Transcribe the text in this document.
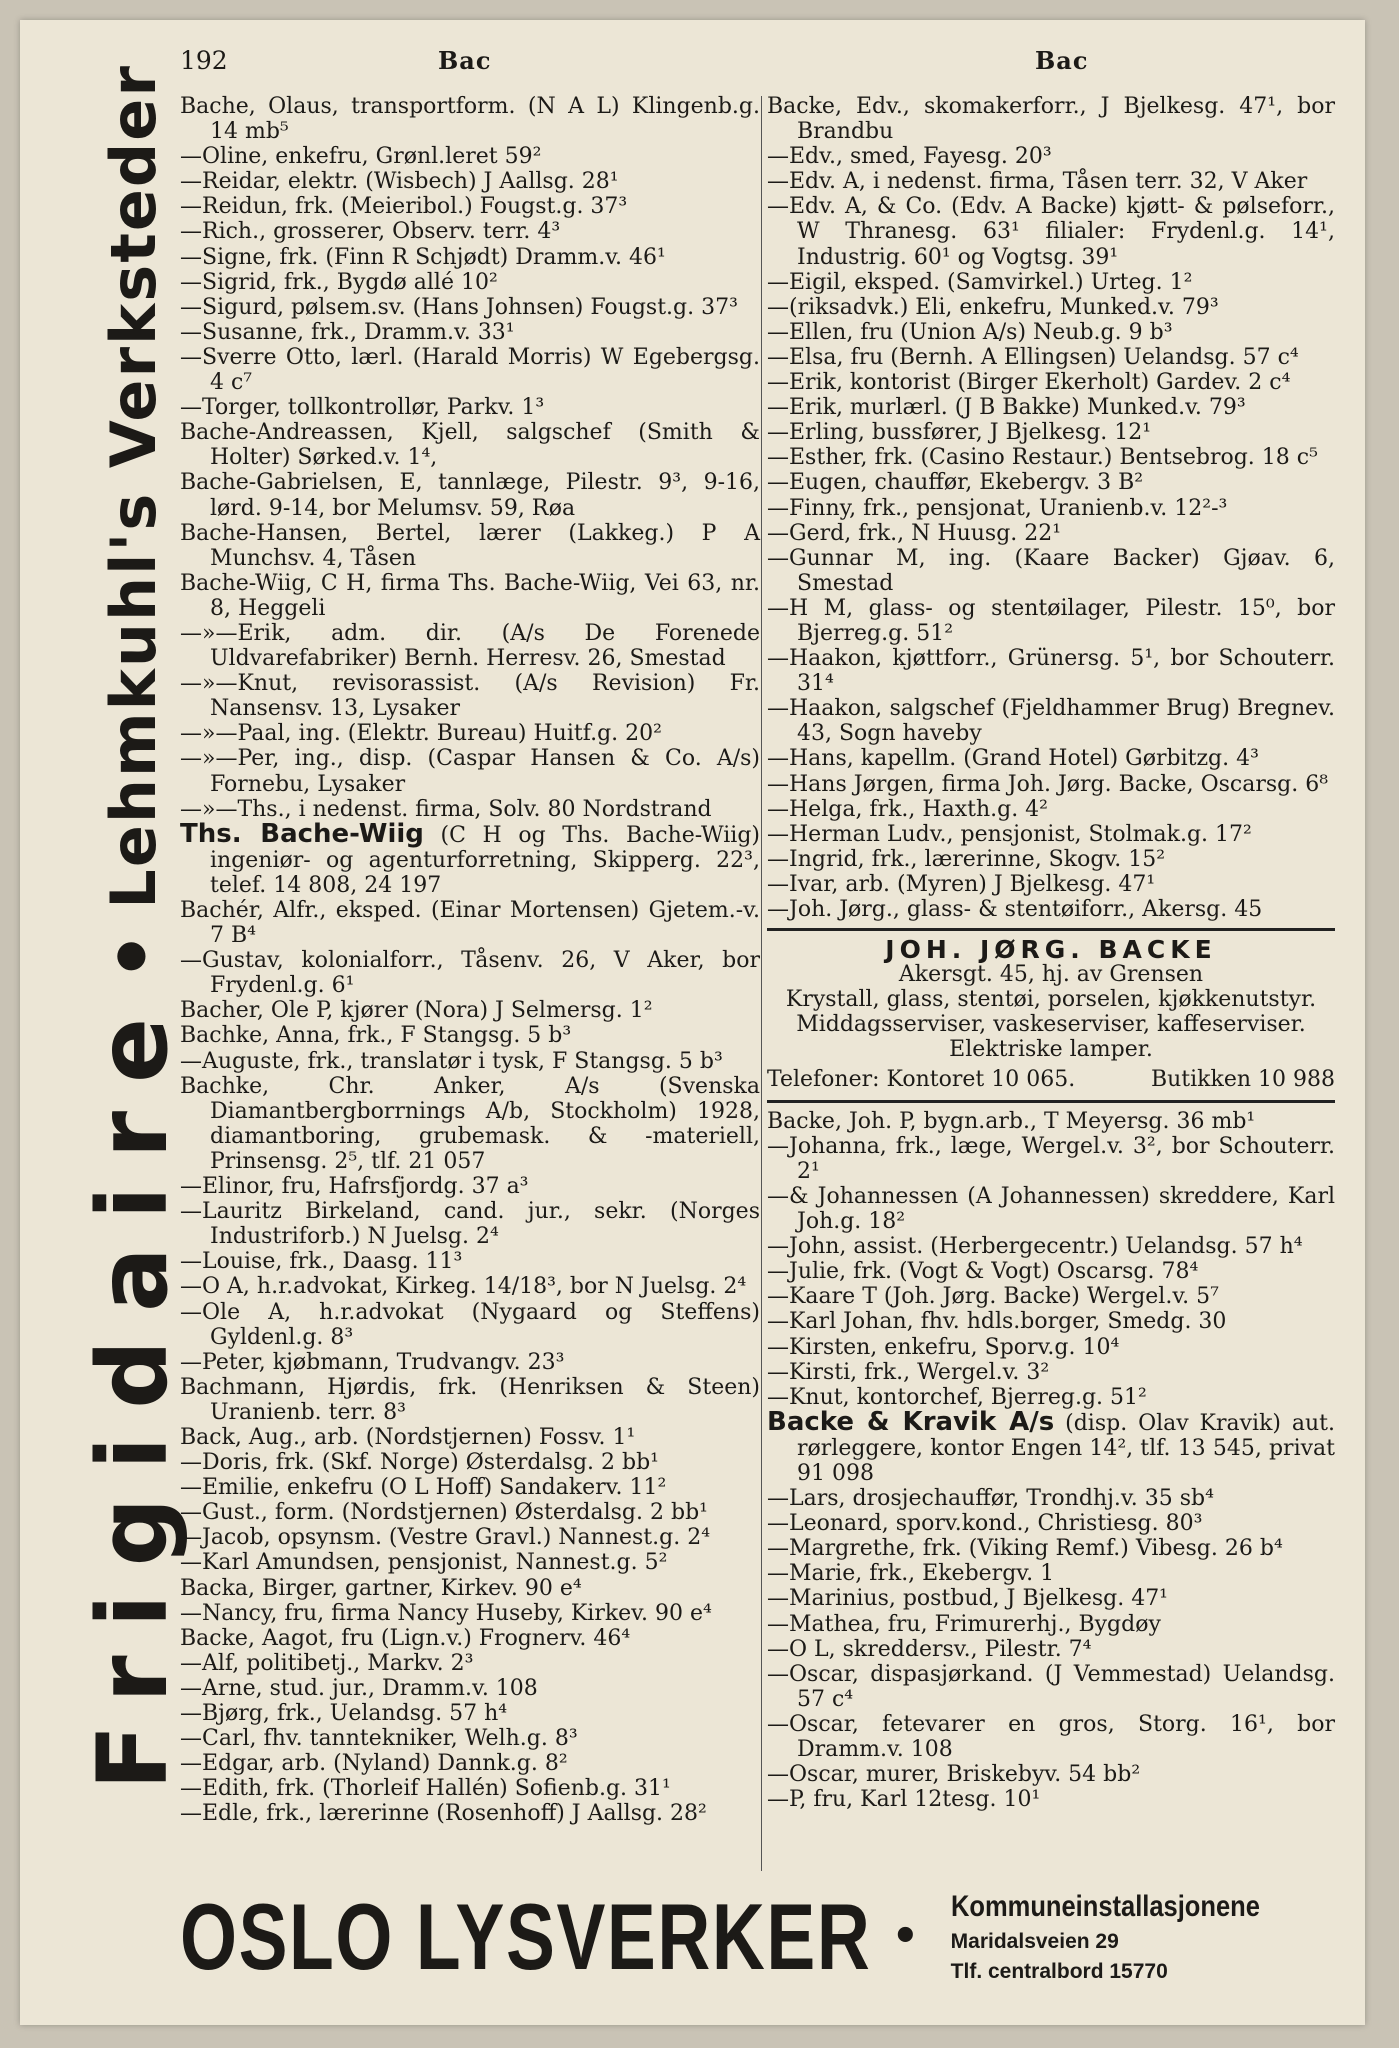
192	Bac	Bac
Frigidaire
•
Lehmkuhl's Verksteder Bache, Olaus, transportform. (N A L) Klingenb.g. 14 mb⁵
—Oline, enkefru, Grønl.leret 59²
—Reidar, elektr. (Wisbech) J Aallsg. 28¹
—Reidun, frk. (Meieribol.) Fougst.g. 37³
—Rich., grosserer, Observ. terr. 4³
—Signe, frk. (Finn R Schjødt) Dramm.v. 46¹
—Sigrid, frk., Bygdø allé 10²
—Sigurd, pølsem.sv. (Hans Johnsen) Fougst.g. 37³
—Susanne, frk., Dramm.v. 33¹
—Sverre Otto, lærl. (Harald Morris) W Egebergsg. 4 c⁷
—Torger, tollkontrollør, Parkv. 1³
Bache-Andreassen, Kjell, salgschef (Smith & Holter) Sørked.v. 1⁴,
Bache-Gabrielsen, E, tannlæge, Pilestr. 9³, 9-16, lørd. 9-14, bor Melumsv. 59, Røa
Bache-Hansen, Bertel, lærer (Lakkeg.) P A Munchsv. 4, Tåsen
Bache-Wiig, C H, firma Ths. Bache-Wiig, Vei 63, nr. 8, Heggeli
—»—Erik, adm. dir. (A/s De Forenede Uldvarefabriker) Bernh. Herresv. 26, Smestad
—»—Knut, revisorassist. (A/s Revision) Fr. Nansensv. 13, Lysaker
—»—Paal, ing. (Elektr. Bureau) Huitf.g. 20²
—»—Per, ing., disp. (Caspar Hansen & Co. A/s) Fornebu, Lysaker
—»—Ths., i nedenst. firma, Solv. 80 Nordstrand
Ths. Bache-Wiig (C H og Ths. Bache-Wiig) ingeniør- og agenturforretning, Skipperg. 22³, telef. 14 808, 24 197
Bachér, Alfr., eksped. (Einar Mortensen) Gjetem.-v. 7 B⁴
—Gustav, kolonialforr., Tåsenv. 26, V Aker, bor Frydenl.g. 6¹
Bacher, Ole P, kjører (Nora) J Selmersg. 1²
Bachke, Anna, frk., F Stangsg. 5 b³
—Auguste, frk., translatør i tysk, F Stangsg. 5 b³
Bachke, Chr. Anker, A/s (Svenska Diamantbergborrnings A/b, Stockholm) 1928, diamantboring, grubemask. & -materiell, Prinsensg. 2⁵, tlf. 21 057
—Elinor, fru, Hafrsfjordg. 37 a³
—Lauritz Birkeland, cand. jur., sekr. (Norges Industriforb.) N Juelsg. 2⁴
—Louise, frk., Daasg. 11³
—O A, h.r.advokat, Kirkeg. 14/18³, bor N Juelsg. 2⁴
—Ole A, h.r.advokat (Nygaard og Steffens) Gyldenl.g. 8³
—Peter, kjøbmann, Trudvangv. 23³
Bachmann, Hjørdis, frk. (Henriksen & Steen) Uranienb. terr. 8³
Back, Aug., arb. (Nordstjernen) Fossv. 1¹
—Doris, frk. (Skf. Norge) Østerdalsg. 2 bb¹
—Emilie, enkefru (O L Hoff) Sandakerv. 11²
—Gust., form. (Nordstjernen) Østerdalsg. 2 bb¹
—Jacob, opsynsm. (Vestre Gravl.) Nannest.g. 2⁴
—Karl Amundsen, pensjonist, Nannest.g. 5²
Backa, Birger, gartner, Kirkev. 90 e⁴
—Nancy, fru, firma Nancy Huseby, Kirkev. 90 e⁴
Backe, Aagot, fru (Lign.v.) Frognerv. 46⁴
—Alf, politibetj., Markv. 2³
—Arne, stud. jur., Dramm.v. 108
—Bjørg, frk., Uelandsg. 57 h⁴
—Carl, fhv. tanntekniker, Welh.g. 8³
—Edgar, arb. (Nyland) Dannk.g. 8²
—Edith, frk. (Thorleif Hallén) Sofienb.g. 31¹
—Edle, frk., lærerinne (Rosenhoff) J Aallsg. 28²
Backe, Edv., skomakerforr., J Bjelkesg. 47¹, bor Brandbu
—Edv., smed, Fayesg. 20³
—Edv. A, i nedenst. firma, Tåsen terr. 32, V Aker
—Edv. A, & Co. (Edv. A Backe) kjøtt- & pølseforr., W Thranesg. 63¹ filialer: Frydenl.g. 14¹, Industrig. 60¹ og Vogtsg. 39¹
—Eigil, eksped. (Samvirkel.) Urteg. 1²
—(riksadvk.) Eli, enkefru, Munked.v. 79³
—Ellen, fru (Union A/s) Neub.g. 9 b³
—Elsa, fru (Bernh. A Ellingsen) Uelandsg. 57 c⁴
—Erik, kontorist (Birger Ekerholt) Gardev. 2 c⁴
—Erik, murlærl. (J B Bakke) Munked.v. 79³
—Erling, bussfører, J Bjelkesg. 12¹
—Esther, frk. (Casino Restaur.) Bentsebrog. 18 c⁵
—Eugen, chauffør, Ekebergv. 3 B²
—Finny, frk., pensjonat, Uranienb.v. 12²-³
—Gerd, frk., N Huusg. 22¹
—Gunnar M, ing. (Kaare Backer) Gjøav. 6, Smestad
—H M, glass- og stentøilager, Pilestr. 15⁰, bor Bjerreg.g. 51²
—Haakon, kjøttforr., Grünersg. 5¹, bor Schouterr. 31⁴
—Haakon, salgschef (Fjeldhammer Brug) Bregnev. 43, Sogn haveby
—Hans, kapellm. (Grand Hotel) Gørbitzg. 4³
—Hans Jørgen, firma Joh. Jørg. Backe, Oscarsg. 6⁸
—Helga, frk., Haxth.g. 4²
—Herman Ludv., pensjonist, Stolmak.g. 17²
—Ingrid, frk., lærerinne, Skogv. 15²
—Ivar, arb. (Myren) J Bjelkesg. 47¹
—Joh. Jørg., glass- & stentøiforr., Akersg. 45
JOH. JØRG. BACKE
Akersgt. 45, hj. av Grensen
Krystall, glass, stentøi, porselen, kjøkkenutstyr.
Middagsserviser, vaskeserviser, kaffeserviser.
Elektriske lamper.
Telefoner: Kontoret 10 065.	Butikken 10 988
Backe, Joh. P, bygn.arb., T Meyersg. 36 mb¹
—Johanna, frk., læge, Wergel.v. 3², bor Schouterr. 2¹
—& Johannessen (A Johannessen) skreddere, Karl Joh.g. 18²
—John, assist. (Herbergecentr.) Uelandsg. 57 h⁴
—Julie, frk. (Vogt & Vogt) Oscarsg. 78⁴
—Kaare T (Joh. Jørg. Backe) Wergel.v. 5⁷
—Karl Johan, fhv. hdls.borger, Smedg. 30
—Kirsten, enkefru, Sporv.g. 10⁴
—Kirsti, frk., Wergel.v. 3²
—Knut, kontorchef, Bjerreg.g. 51²
Backe & Kravik A/s (disp. Olav Kravik) aut. rørleggere, kontor Engen 14², tlf. 13 545, privat 91 098
—Lars, drosjechauffør, Trondhj.v. 35 sb⁴
—Leonard, sporv.kond., Christiesg. 80³
—Margrethe, frk. (Viking Remf.) Vibesg. 26 b⁴
—Marie, frk., Ekebergv. 1
—Marinius, postbud, J Bjelkesg. 47¹
—Mathea, fru, Frimurerhj., Bygdøy
—O L, skreddersv., Pilestr. 7⁴
—Oscar, dispasjørkand. (J Vemmestad) Uelandsg. 57 c⁴
—Oscar, fetevarer en gros, Storg. 16¹, bor Dramm.v. 108
—Oscar, murer, Briskebyv. 54 bb²
—P, fru, Karl 12tesg. 10¹
OSLO LYSVERKER •
Kommuneinstallasjonene
Maridalsveien 29
Tlf. centralbord 15770
